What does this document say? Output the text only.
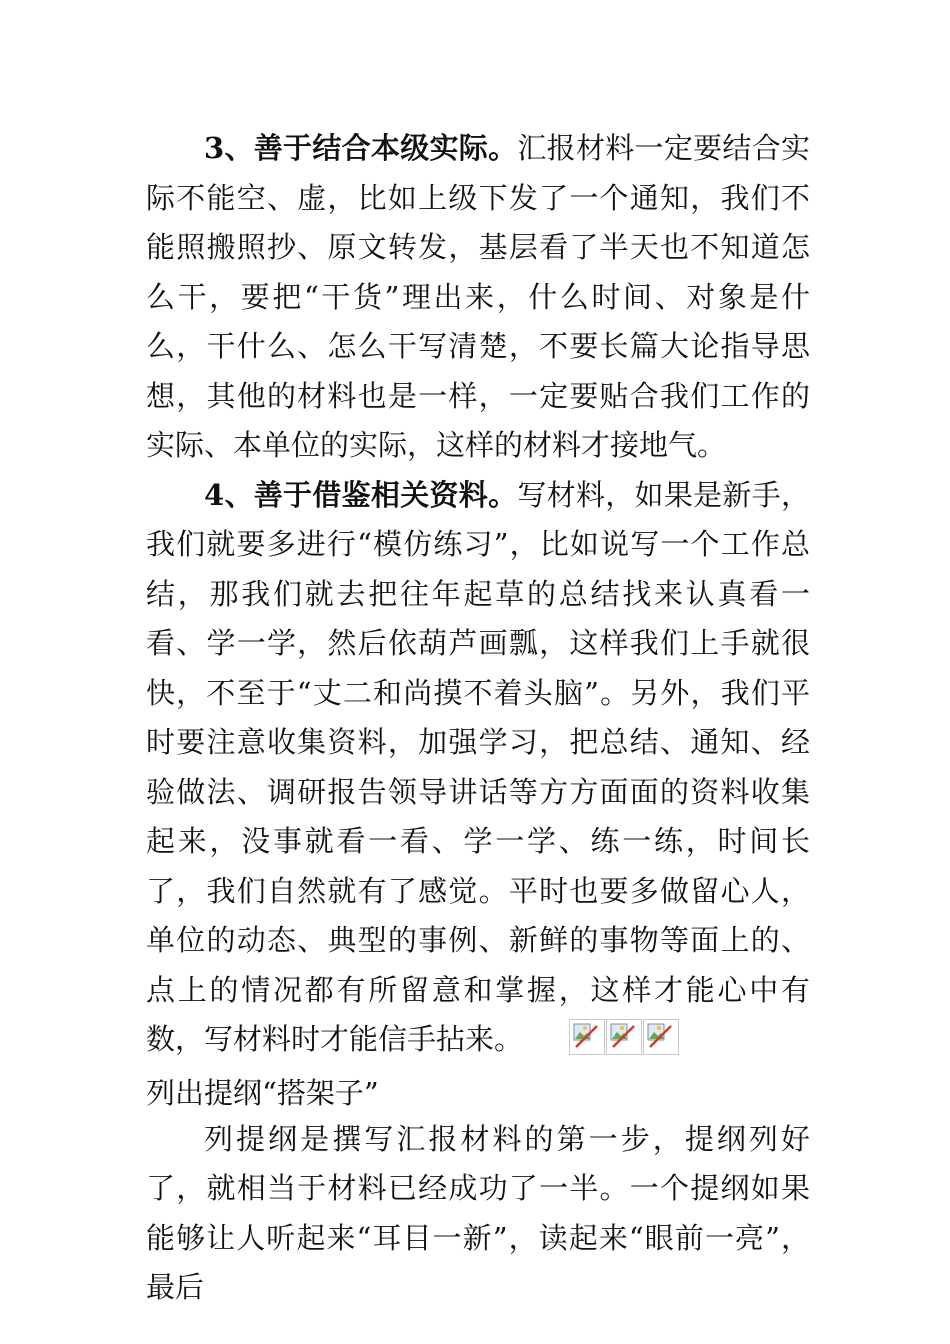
3、善于结合本级实际。汇报材料一定要结合实际不能空、虚，比如上级下发了一个通知，我们不能照搬照抄、原文转发，基层看了半天也不知道怎么干，要把“干货”理出来，什么时间、对象是什么，干什么、怎么干写清楚，不要长篇大论指导思想，其他的材料也是一样，一定要贴合我们工作的实际、本单位的实际，这样的材料才接地气。

4、善于借鉴相关资料。写材料，如果是新手，我们就要多进行“模仿练习”，比如说写一个工作总结，那我们就去把往年起草的总结找来认真看一看、学一学，然后依葫芦画瓢，这样我们上手就很快，不至于“丈二和尚摸不着头脑”。另外，我们平时要注意收集资料，加强学习，把总结、通知、经验做法、调研报告领导讲话等方方面面的资料收集起来，没事就看一看、学一学、练一练，时间长了，我们自然就有了感觉。平时也要多做留心人，单位的动态、典型的事例、新鲜的事物等面上的、点上的情况都有所留意和掌握，这样才能心中有数，写材料时才能信手拈来。

列出提纲“搭架子”

列提纲是撰写汇报材料的第一步，提纲列好了，就相当于材料已经成功了一半。一个提纲如果能够让人听起来“耳目一新”，读起来“眼前一亮”，最后
